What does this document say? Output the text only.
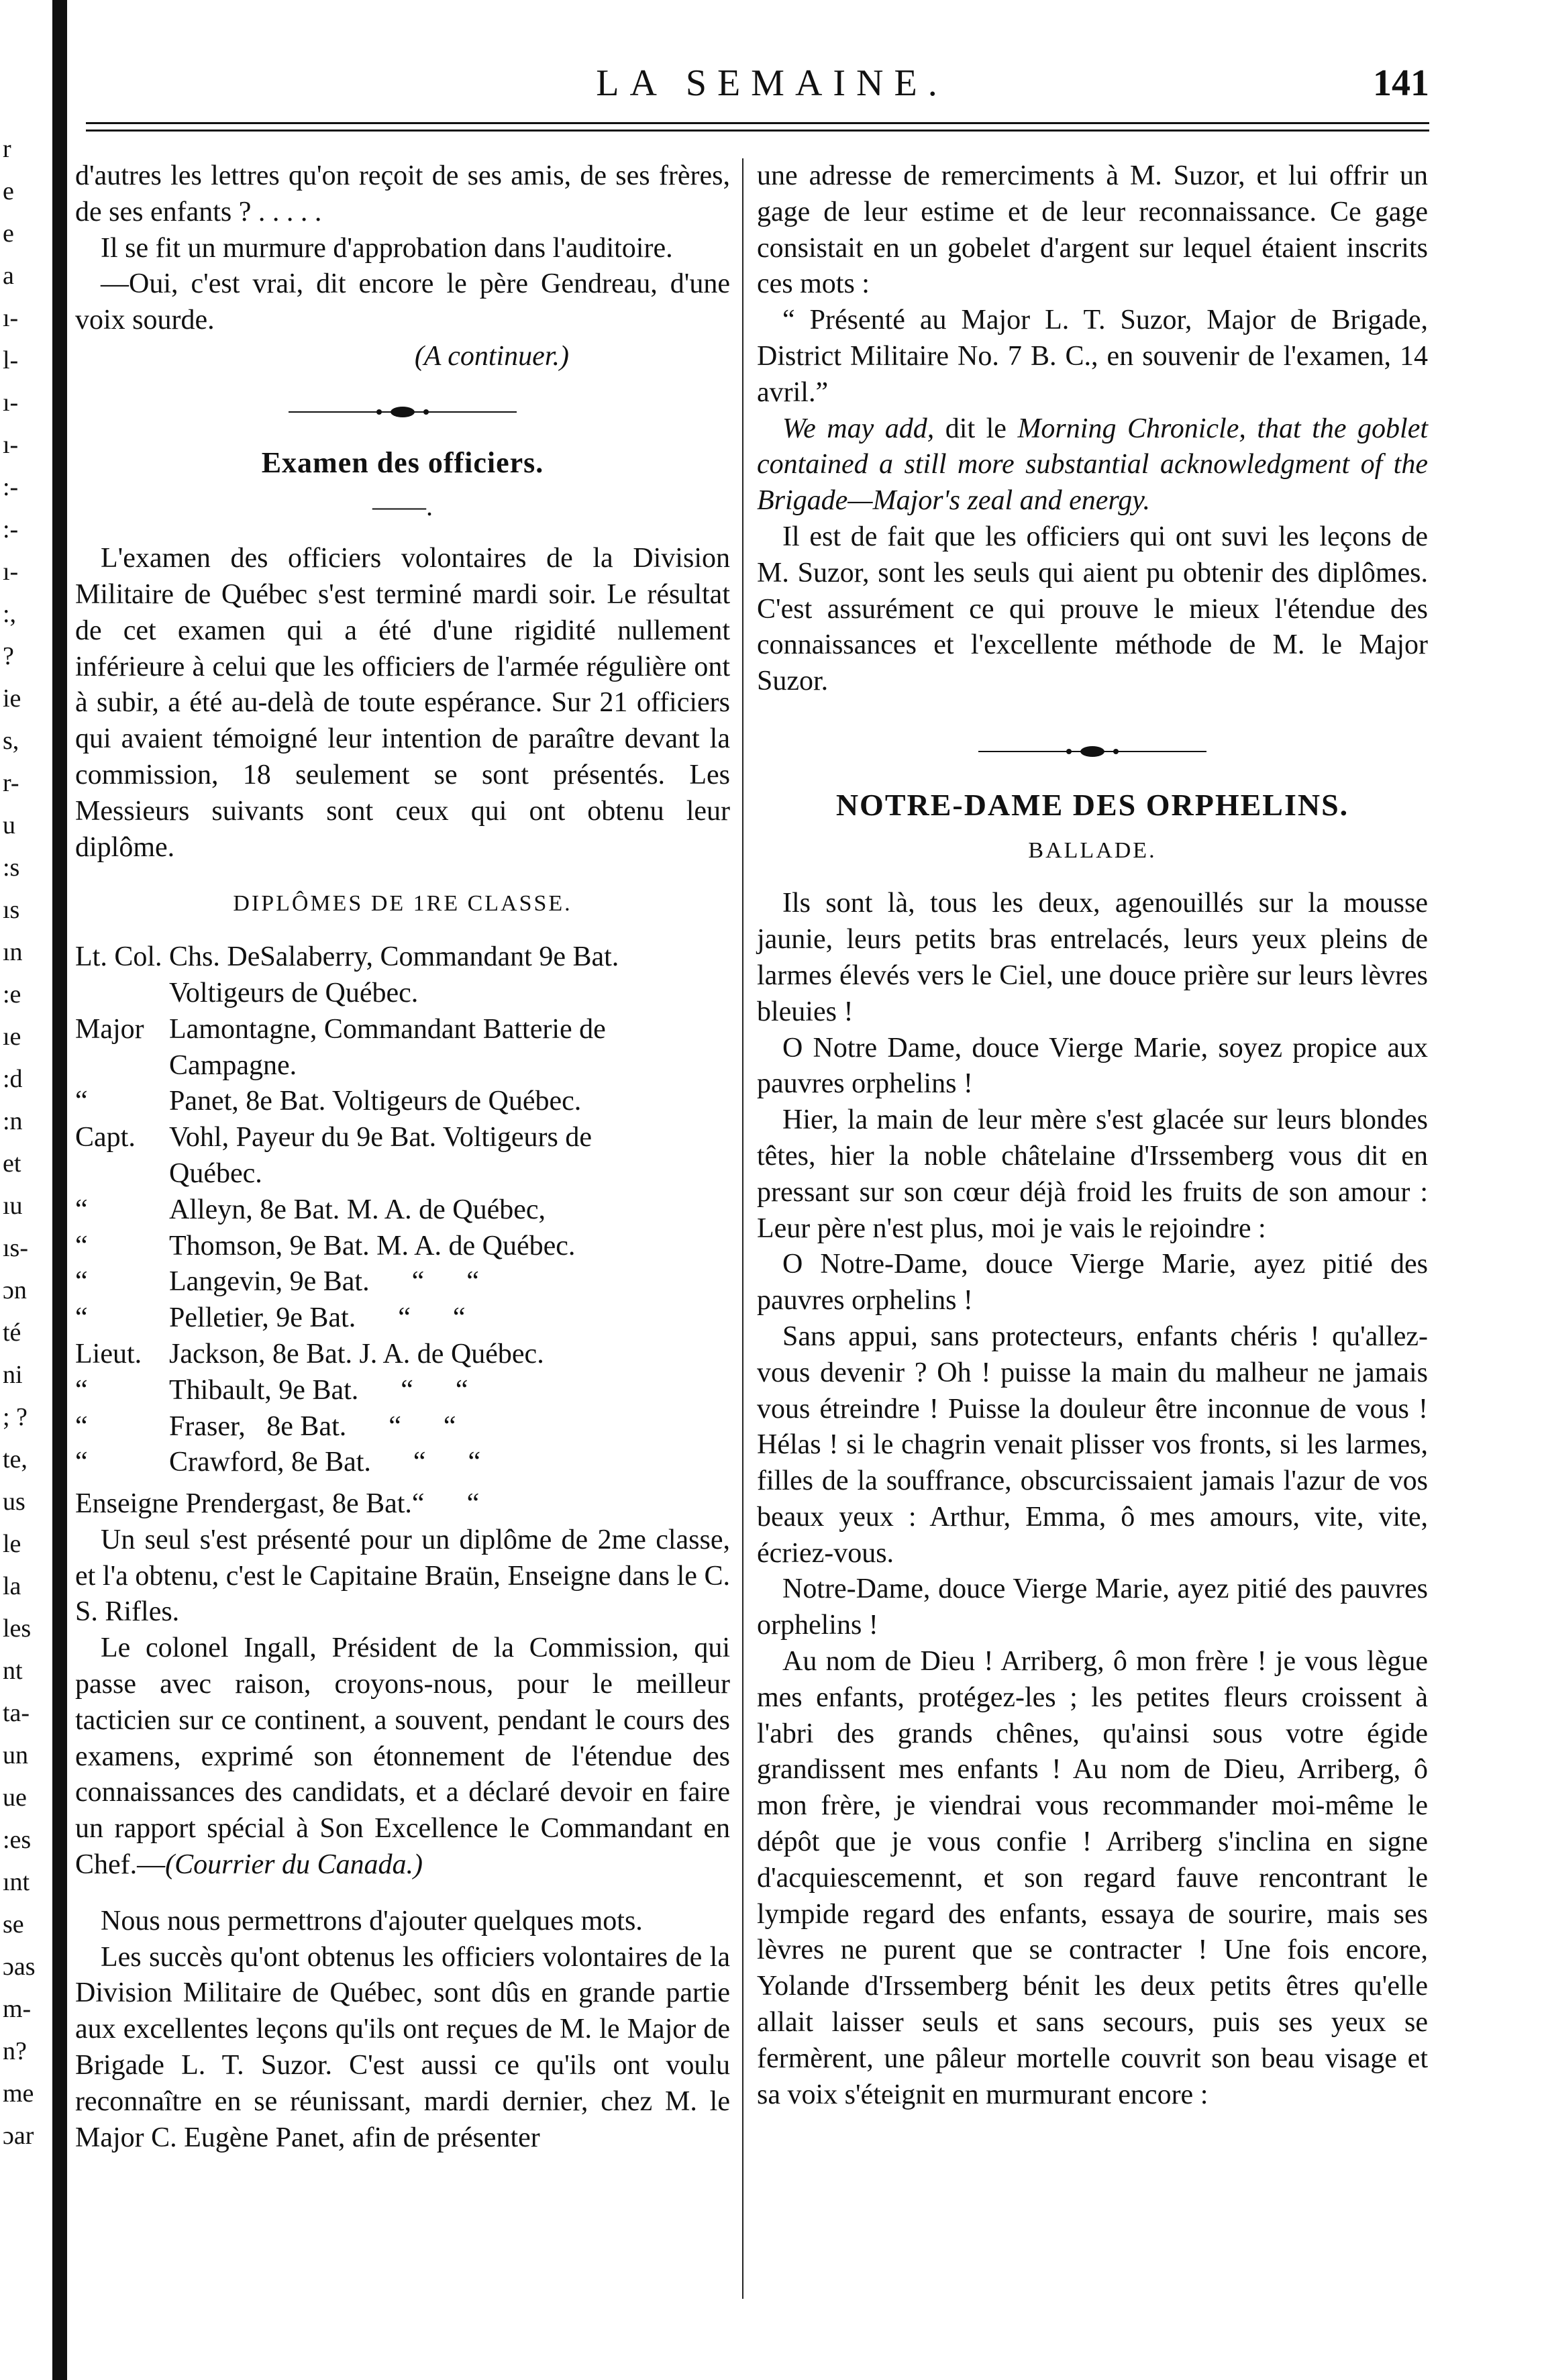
r
e
e
a
ı-
l-
ı-
ı-
:-
:-
ı-
:,
?
ie
s,
r-
u
:s
ıs
ın
:e
ıe
:d
:n
et
ıu
ıs-
ɔn
té
ni
; ?
te,
us
le
la
les
nt
ta-
un
ue
:es
ınt
se
ɔas
m-
n?
me
ɔar
LA SEMAINE.	141

d'autres les lettres qu'on reçoit de ses amis, de ses frères, de ses enfants ? . . . . .

Il se fit un murmure d'approbation dans l'auditoire.

—Oui, c'est vrai, dit encore le père Gendreau, d'une voix sourde.

(A continuer.)

Examen des officiers.
——.

L'examen des officiers volontaires de la Division Militaire de Québec s'est terminé mardi soir. Le résultat de cet examen qui a été d'une rigidité nullement inférieure à celui que les officiers de l'armée régulière ont à subir, a été au-delà de toute espérance. Sur 21 officiers qui avaient témoigné leur intention de paraître devant la commission, 18 seulement se sont présentés. Les Messieurs suivants sont ceux qui ont obtenu leur diplôme.

DIPLÔMES DE 1RE CLASSE.
Lt. Col. Chs. DeSalaberry, Commandant 9e Bat.
Voltigeurs de Québec.
Major Lamontagne, Commandant Batterie de
Campagne.
“	Panet, 8e Bat. Voltigeurs de Québec.
Capt.	Vohl, Payeur du 9e Bat. Voltigeurs de
Québec.
“	Alleyn, 8e Bat. M. A. de Québec,
“	Thomson, 9e Bat. M. A. de Québec.
“	Langevin, 9e Bat.      “      “
“	Pelletier, 9e Bat.      “      “
Lieut. Jackson, 8e Bat. J. A. de Québec.
“	Thibault, 9e Bat.      “      “
“	Fraser,   8e Bat.      “      “
“	Crawford, 8e Bat.      “      “

Enseigne Prendergast, 8e Bat.“      “

Un seul s'est présenté pour un diplôme de 2me classe, et l'a obtenu, c'est le Capitaine Braün, Enseigne dans le C. S. Rifles.

Le colonel Ingall, Président de la Commission, qui passe avec raison, croyons-nous, pour le meilleur tacticien sur ce continent, a souvent, pendant le cours des examens, exprimé son étonnement de l'étendue des connaissances des candidats, et a déclaré devoir en faire un rapport spécial à Son Excellence le Commandant en Chef.—(Courrier du Canada.)

Nous nous permettrons d'ajouter quelques mots.

Les succès qu'ont obtenus les officiers volontaires de la Division Militaire de Québec, sont dûs en grande partie aux excellentes leçons qu'ils ont reçues de M. le Major de Brigade L. T. Suzor. C'est aussi ce qu'ils ont voulu reconnaître en se réunissant, mardi dernier, chez M. le Major C. Eugène Panet, afin de présenter

une adresse de remerciments à M. Suzor, et lui offrir un gage de leur estime et de leur reconnaissance. Ce gage consistait en un gobelet d'argent sur lequel étaient inscrits ces mots :

“ Présenté au Major L. T. Suzor, Major de Brigade, District Militaire No. 7 B. C., en souvenir de l'examen, 14 avril.”

We may add, dit le Morning Chronicle, that the goblet contained a still more substantial acknowledgment of the Brigade—Major's zeal and energy.

Il est de fait que les officiers qui ont suvi les leçons de M. Suzor, sont les seuls qui aient pu obtenir des diplômes. C'est assurément ce qui prouve le mieux l'étendue des connaissances et l'excellente méthode de M. le Major Suzor.

NOTRE-DAME DES ORPHELINS.
BALLADE.

Ils sont là, tous les deux, agenouillés sur la mousse jaunie, leurs petits bras entrelacés, leurs yeux pleins de larmes élevés vers le Ciel, une douce prière sur leurs lèvres bleuies !

O Notre Dame, douce Vierge Marie, soyez propice aux pauvres orphelins !

Hier, la main de leur mère s'est glacée sur leurs blondes têtes, hier la noble châtelaine d'Irssemberg vous dit en pressant sur son cœur déjà froid les fruits de son amour : Leur père n'est plus, moi je vais le rejoindre :

O Notre-Dame, douce Vierge Marie, ayez pitié des pauvres orphelins !

Sans appui, sans protecteurs, enfants chéris ! qu'allez-vous devenir ? Oh ! puisse la main du malheur ne jamais vous étreindre ! Puisse la douleur être inconnue de vous ! Hélas ! si le chagrin venait plisser vos fronts, si les larmes, filles de la souffrance, obscurcissaient jamais l'azur de vos beaux yeux : Arthur, Emma, ô mes amours, vite, vite, écriez-vous.

Notre-Dame, douce Vierge Marie, ayez pitié des pauvres orphelins !

Au nom de Dieu ! Arriberg, ô mon frère ! je vous lègue mes enfants, protégez-les ; les petites fleurs croissent à l'abri des grands chênes, qu'ainsi sous votre égide grandissent mes enfants ! Au nom de Dieu, Arriberg, ô mon frère, je viendrai vous recommander moi-même le dépôt que je vous confie ! Arriberg s'inclina en signe d'acquiescemennt, et son regard fauve rencontrant le lympide regard des enfants, essaya de sourire, mais ses lèvres ne purent que se contracter ! Une fois encore, Yolande d'Irssemberg bénit les deux petits êtres qu'elle allait laisser seuls et sans secours, puis ses yeux se fermèrent, une pâleur mortelle couvrit son beau visage et sa voix s'éteignit en murmurant encore :
